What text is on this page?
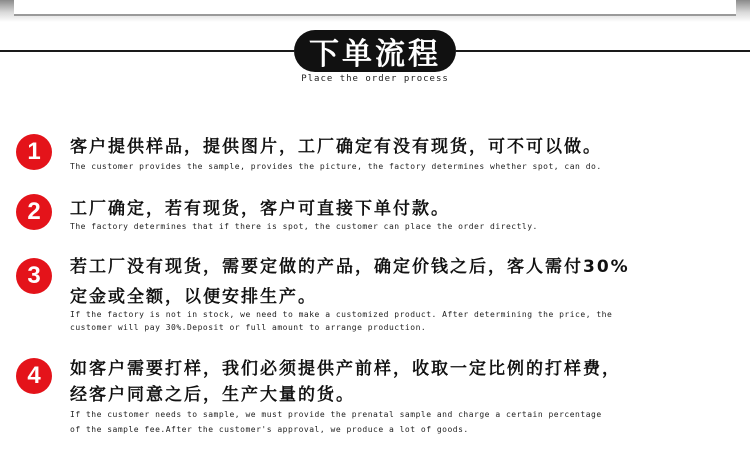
下单流程
Place the order process
1	客户提供样品，提供图片，工厂确定有没有现货，可不可以做。
The customer provides the sample, provides the picture, the factory determines whether spot, can do.
2	工厂确定，若有现货，客户可直接下单付款。
The factory determines that if there is spot, the customer can place the order directly.
3	若工厂没有现货，需要定做的产品，确定价钱之后，客人需付30%
定金或全额，以便安排生产。
If the factory is not in stock, we need to make a customized product. After determining the price, the
customer will pay 30%.Deposit or full amount to arrange production.
4	如客户需要打样，我们必须提供产前样，收取一定比例的打样费，
经客户同意之后，生产大量的货。
If the customer needs to sample, we must provide the prenatal sample and charge a certain percentage
of the sample fee.After the customer's approval, we produce a lot of goods.
